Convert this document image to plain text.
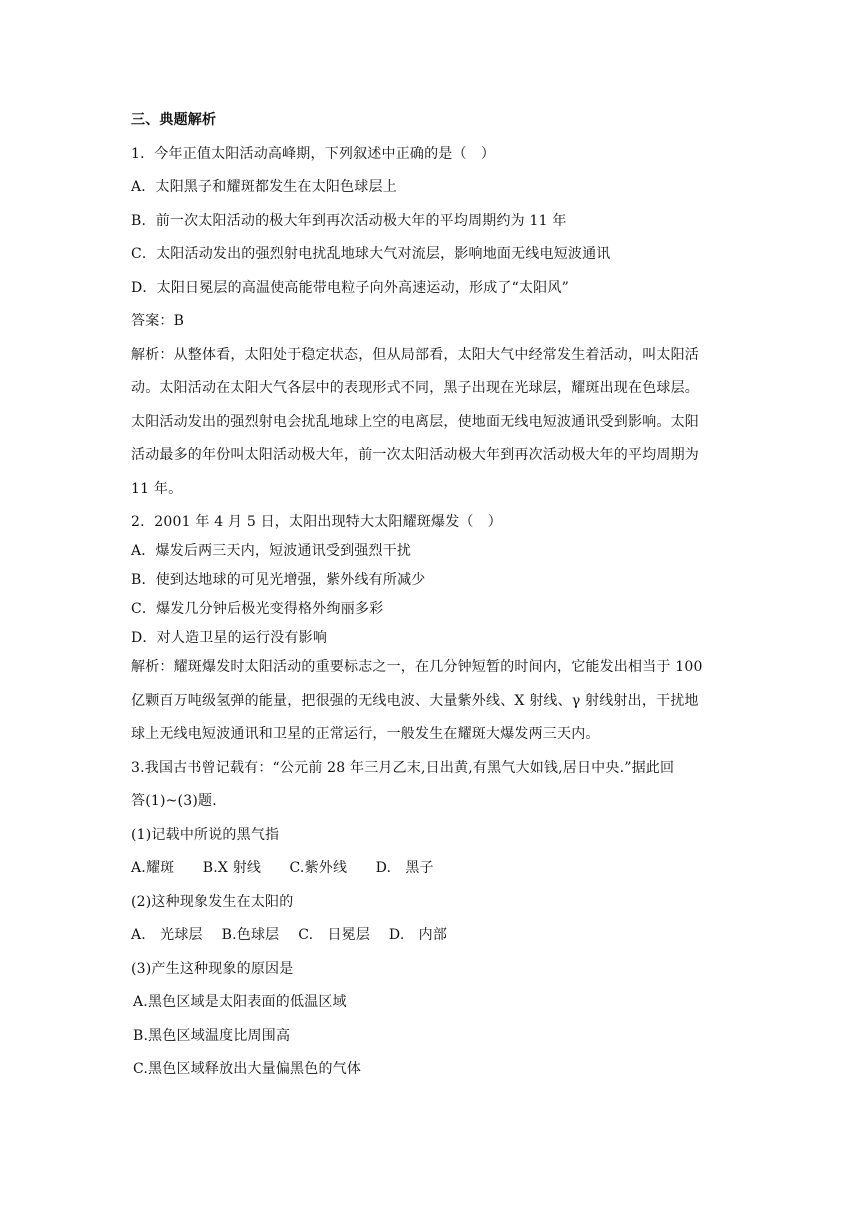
三、典题解析
1．今年正值太阳活动高峰期，下列叙述中正确的是（　）
A．太阳黑子和耀斑都发生在太阳色球层上
B．前一次太阳活动的极大年到再次活动极大年的平均周期约为 11 年
C．太阳活动发出的强烈射电扰乱地球大气对流层，影响地面无线电短波通讯
D．太阳日冕层的高温使高能带电粒子向外高速运动，形成了“太阳风”
答案：B
解析：从整体看，太阳处于稳定状态，但从局部看，太阳大气中经常发生着活动，叫太阳活
动。太阳活动在太阳大气各层中的表现形式不同，黑子出现在光球层，耀斑出现在色球层。
太阳活动发出的强烈射电会扰乱地球上空的电离层，使地面无线电短波通讯受到影响。太阳
活动最多的年份叫太阳活动极大年，前一次太阳活动极大年到再次活动极大年的平均周期为
11 年。
2．2001 年 4 月 5 日，太阳出现特大太阳耀斑爆发（　）
A．爆发后两三天内，短波通讯受到强烈干扰
B．使到达地球的可见光增强，紫外线有所减少
C．爆发几分钟后极光变得格外绚丽多彩
D．对人造卫星的运行没有影响
解析：耀斑爆发时太阳活动的重要标志之一，在几分钟短暂的时间内，它能发出相当于 100
亿颗百万吨级氢弹的能量，把很强的无线电波、大量紫外线、X 射线、γ 射线射出，干扰地
球上无线电短波通讯和卫星的正常运行，一般发生在耀斑大爆发两三天内。
3.我国古书曾记载有：“公元前 28 年三月乙末,日出黄,有黑气大如钱,居日中央.”据此回
答(1)~(3)题.
(1)记载中所说的黑气指
A.耀斑　　B.X 射线　　C.紫外线　　D.　黑子
(2)这种现象发生在太阳的
A.　光球层　 B.色球层　 C.　日冕层　 D.　内部
(3)产生这种现象的原因是
A.黑色区域是太阳表面的低温区域
B.黑色区域温度比周围高
C.黑色区域释放出大量偏黑色的气体
